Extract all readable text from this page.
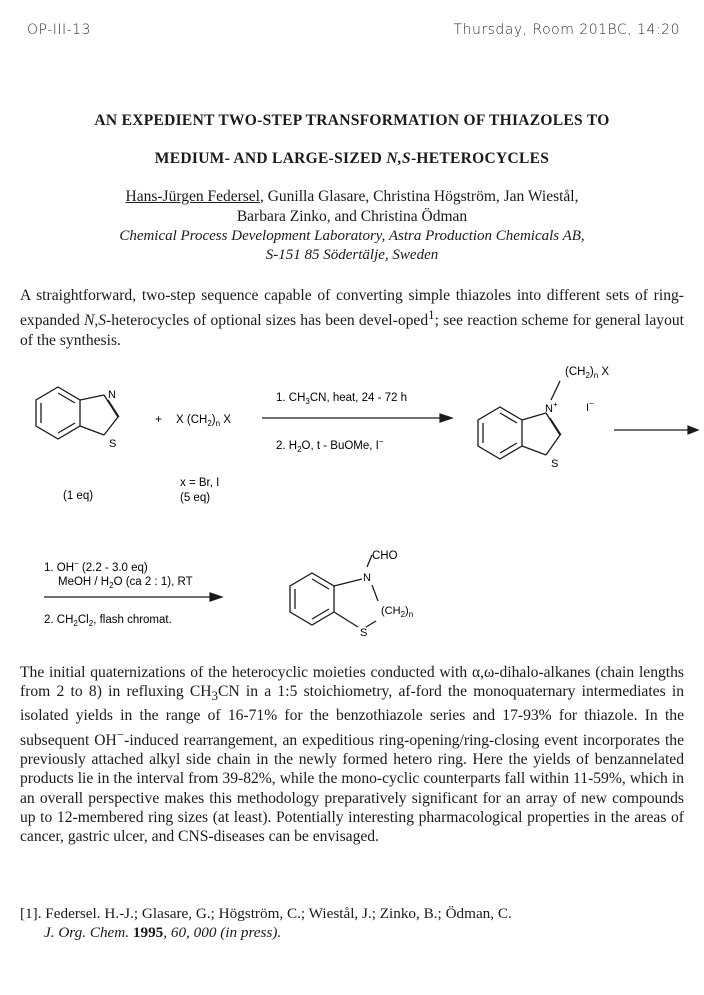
OP-III-13	Thursday, Room 201BC, 14:20
AN EXPEDIENT TWO-STEP TRANSFORMATION OF THIAZOLES TO
MEDIUM- AND LARGE-SIZED N,S-HETEROCYCLES
Hans-Jürgen Federsel, Gunilla Glasare, Christina Högström, Jan Wiestål,
Barbara Zinko, and Christina Ödman
Chemical Process Development Laboratory, Astra Production Chemicals AB,
S-151 85 Södertälje, Sweden
A straightforward, two-step sequence capable of converting simple thiazoles into different sets of ring-expanded N,S-heterocycles of optional sizes has been devel-oped$^1$; see reaction scheme for general layout of the synthesis.
N
S
+ X $(CH_2)_n$ X
(1 eq)
x = Br, I
(5 eq)
1. $CH_3CN$, heat, 24 - 72 h
2. $H_2O$, t - BuOMe, I−
N+	I−
S
$(CH_2)_n$ X
1. OH− (2.2 - 3.0 eq)
MeOH / $H_2O$ (ca 2 : 1), RT
2. $CH_2Cl_2$, flash chromat.
CHO
N
S
$(CH_2)_n$
The initial quaternizations of the heterocyclic moieties conducted with α,ω-dihalo-alkanes (chain lengths from 2 to 8) in refluxing $CH_3CN$ in a 1:5 stoichiometry, af-ford the monoquaternary intermediates in isolated yields in the range of 16-71% for the benzothiazole series and 17-93% for thiazole. In the subsequent OH−-induced rearrangement, an expeditious ring-opening/ring-closing event incorporates the previously attached alkyl side chain in the newly formed hetero ring. Here the yields of benzannelated products lie in the interval from 39-82%, while the mono-cyclic counterparts fall within 11-59%, which in an overall perspective makes this methodology preparatively significant for an array of new compounds up to 12-membered ring sizes (at least). Potentially interesting pharmacological properties in the areas of cancer, gastric ulcer, and CNS-diseases can be envisaged.
[1]. Federsel. H.-J.; Glasare, G.; Högström, C.; Wiestål, J.; Zinko, B.; Ödman, C.
J. Org. Chem. 1995, 60, 000 (in press).
